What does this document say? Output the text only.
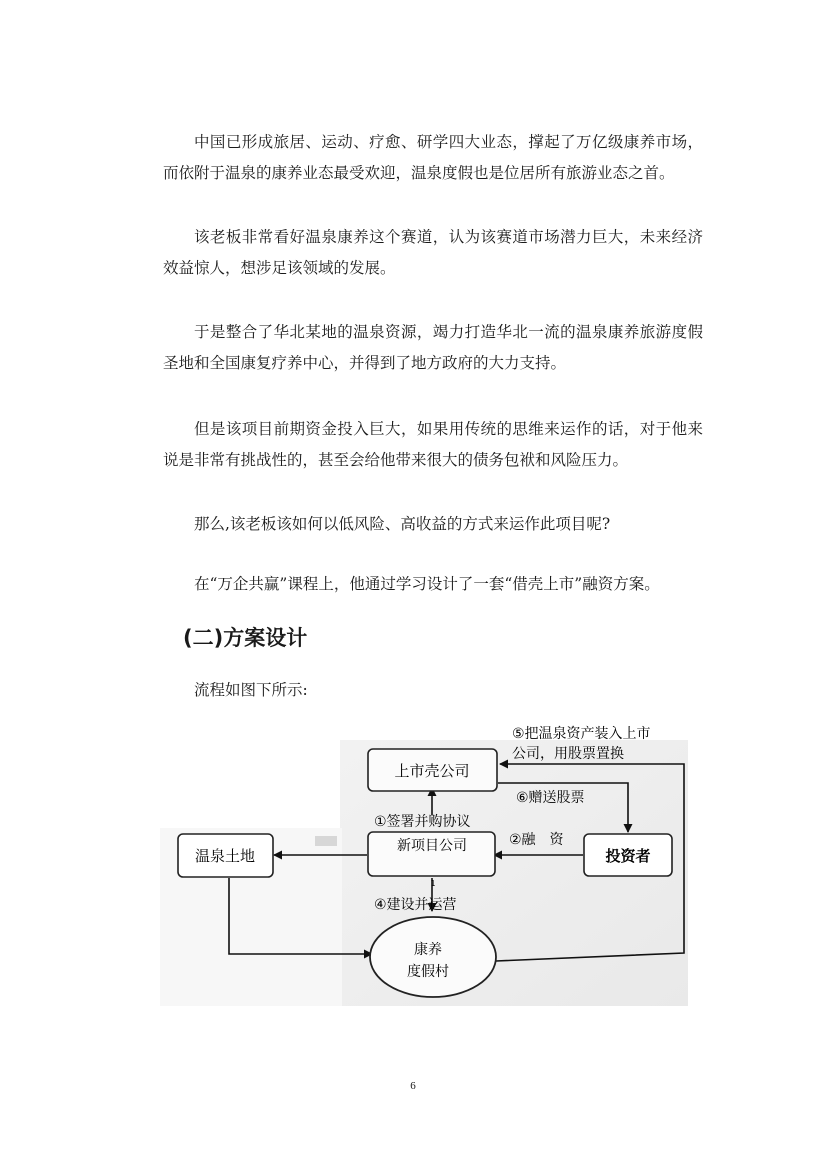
中国已形成旅居、运动、疗愈、研学四大业态，撑起了万亿级康养市场，而依附于温泉的康养业态最受欢迎，温泉度假也是位居所有旅游业态之首。

该老板非常看好温泉康养这个赛道，认为该赛道市场潜力巨大，未来经济效益惊人，想涉足该领域的发展。

于是整合了华北某地的温泉资源，竭力打造华北一流的温泉康养旅游度假圣地和全国康复疗养中心，并得到了地方政府的大力支持。

但是该项目前期资金投入巨大，如果用传统的思维来运作的话，对于他来说是非常有挑战性的，甚至会给他带来很大的债务包袱和风险压力。

那么,该老板该如何以低风险、高收益的方式来运作此项目呢?

在“万企共赢”课程上，他通过学习设计了一套“借壳上市”融资方案。

(二)方案设计

流程如图下所示:

上市壳公司
新项目公司
温泉土地	投资者
康养
度假村
⑤把温泉资产装入上市
公司，用股票置换
⑥赠送股票
①签署并购协议
②融　资
④建设并运营
1
6
